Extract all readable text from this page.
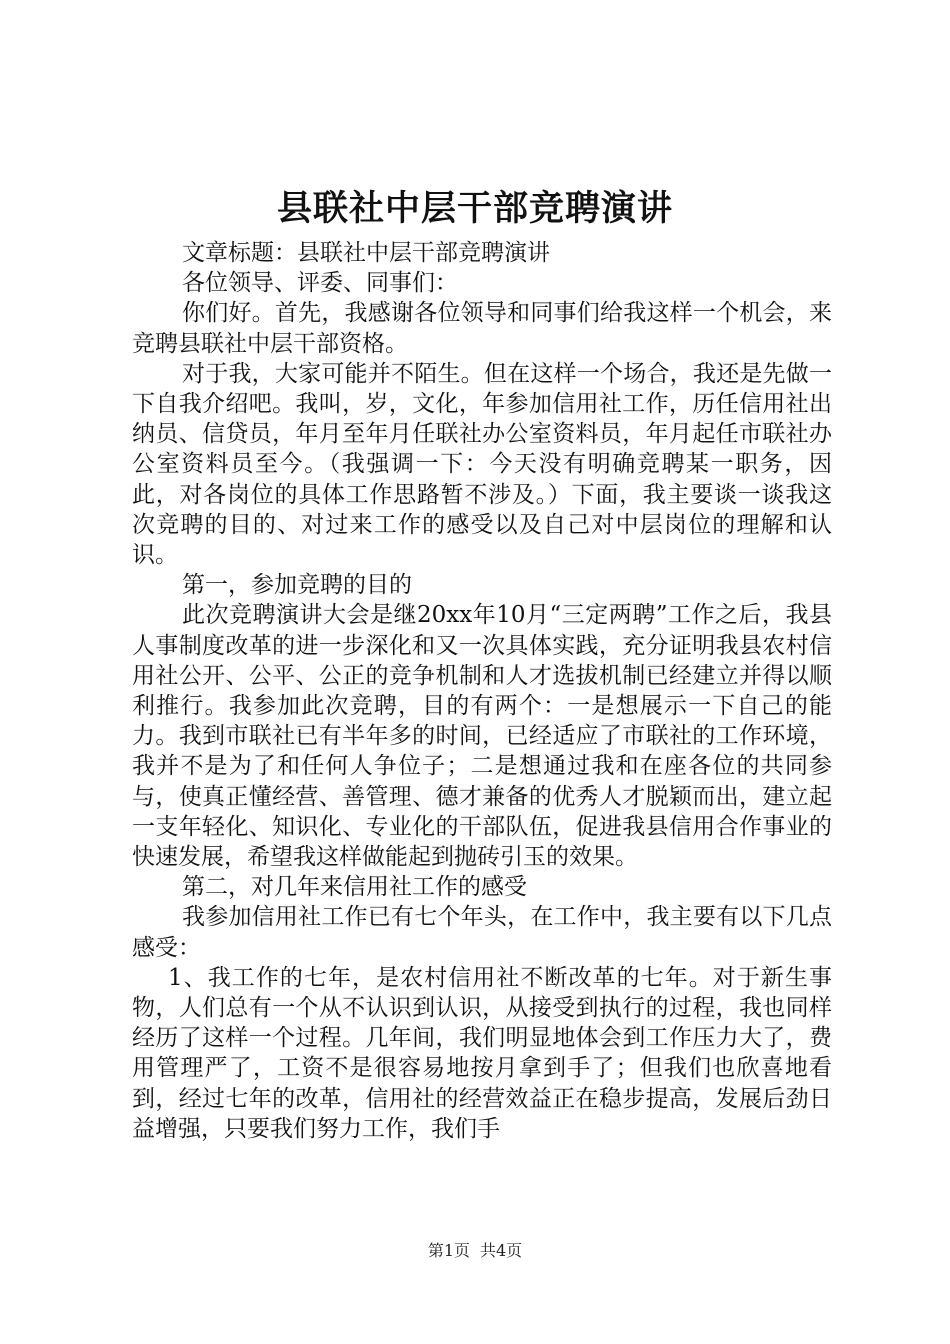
县联社中层干部竞聘演讲

文章标题：县联社中层干部竞聘演讲

各位领导、评委、同事们：

你们好。首先，我感谢各位领导和同事们给我这样一个机会，来竞聘县联社中层干部资格。

对于我，大家可能并不陌生。但在这样一个场合，我还是先做一下自我介绍吧。我叫，岁，文化，年参加信用社工作，历任信用社出纳员、信贷员，年月至年月任联社办公室资料员，年月起任市联社办公室资料员至今。（我强调一下：今天没有明确竞聘某一职务，因此，对各岗位的具体工作思路暂不涉及。）下面，我主要谈一谈我这次竞聘的目的、对过来工作的感受以及自己对中层岗位的理解和认识。

第一，参加竞聘的目的

此次竞聘演讲大会是继20xx年10月“三定两聘”工作之后，我县人事制度改革的进一步深化和又一次具体实践，充分证明我县农村信用社公开、公平、公正的竞争机制和人才选拔机制已经建立并得以顺利推行。我参加此次竞聘，目的有两个：一是想展示一下自己的能力。我到市联社已有半年多的时间，已经适应了市联社的工作环境，我并不是为了和任何人争位子；二是想通过我和在座各位的共同参与，使真正懂经营、善管理、德才兼备的优秀人才脱颖而出，建立起一支年轻化、知识化、专业化的干部队伍，促进我县信用合作事业的快速发展，希望我这样做能起到抛砖引玉的效果。

第二，对几年来信用社工作的感受

我参加信用社工作已有七个年头，在工作中，我主要有以下几点感受：

1、我工作的七年，是农村信用社不断改革的七年。对于新生事物，人们总有一个从不认识到认识，从接受到执行的过程，我也同样经历了这样一个过程。几年间，我们明显地体会到工作压力大了，费用管理严了，工资不是很容易地按月拿到手了；但我们也欣喜地看到，经过七年的改革，信用社的经营效益正在稳步提高，发展后劲日益增强，只要我们努力工作，我们手

第1页 共4页
